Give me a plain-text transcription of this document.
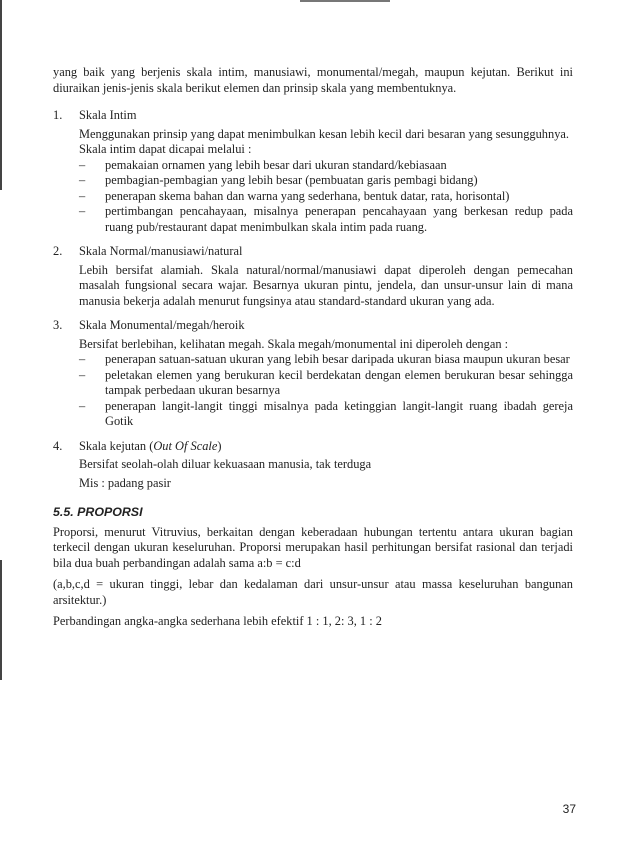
yang baik yang berjenis skala intim, manusiawi, monumental/megah, maupun kejutan. Berikut ini diuraikan jenis-jenis skala berikut elemen dan prinsip skala yang membentuknya.
1. Skala Intim
Menggunakan prinsip yang dapat menimbulkan kesan lebih kecil dari besaran yang sesungguhnya.
Skala intim dapat dicapai melalui :
– pemakaian ornamen yang lebih besar dari ukuran standard/kebiasaan
– pembagian-pembagian yang lebih besar (pembuatan garis pembagi bidang)
– penerapan skema bahan dan warna yang sederhana, bentuk datar, rata, horisontal)
– pertimbangan pencahayaan, misalnya penerapan pencahayaan yang berkesan redup pada ruang pub/restaurant dapat menimbulkan skala intim pada ruang.
2. Skala Normal/manusiawi/natural
Lebih bersifat alamiah. Skala natural/normal/manusiawi dapat diperoleh dengan pemecahan masalah fungsional secara wajar. Besarnya ukuran pintu, jendela, dan unsur-unsur lain di mana manusia bekerja adalah menurut fungsinya atau standard-standard ukuran yang ada.
3. Skala Monumental/megah/heroik
Bersifat berlebihan, kelihatan megah. Skala megah/monumental ini diperoleh dengan :
– penerapan satuan-satuan ukuran yang lebih besar daripada ukuran biasa maupun ukuran besar
– peletakan elemen yang berukuran kecil berdekatan dengan elemen berukuran besar sehingga tampak perbedaan ukuran besarnya
– penerapan langit-langit tinggi misalnya pada ketinggian langit-langit ruang ibadah gereja Gotik
4. Skala kejutan (Out Of Scale)
Bersifat seolah-olah diluar kekuasaan manusia, tak terduga
Mis : padang pasir
5.5. PROPORSI

Proporsi, menurut Vitruvius, berkaitan dengan keberadaan hubungan tertentu antara ukuran bagian terkecil dengan ukuran keseluruhan. Proporsi merupakan hasil perhitungan bersifat rasional dan terjadi bila dua buah perbandingan adalah sama a:b = c:d

(a,b,c,d = ukuran tinggi, lebar dan kedalaman dari unsur-unsur atau massa keseluruhan bangunan arsitektur.)

Perbandingan angka-angka sederhana lebih efektif 1 : 1, 2: 3, 1 : 2

37
